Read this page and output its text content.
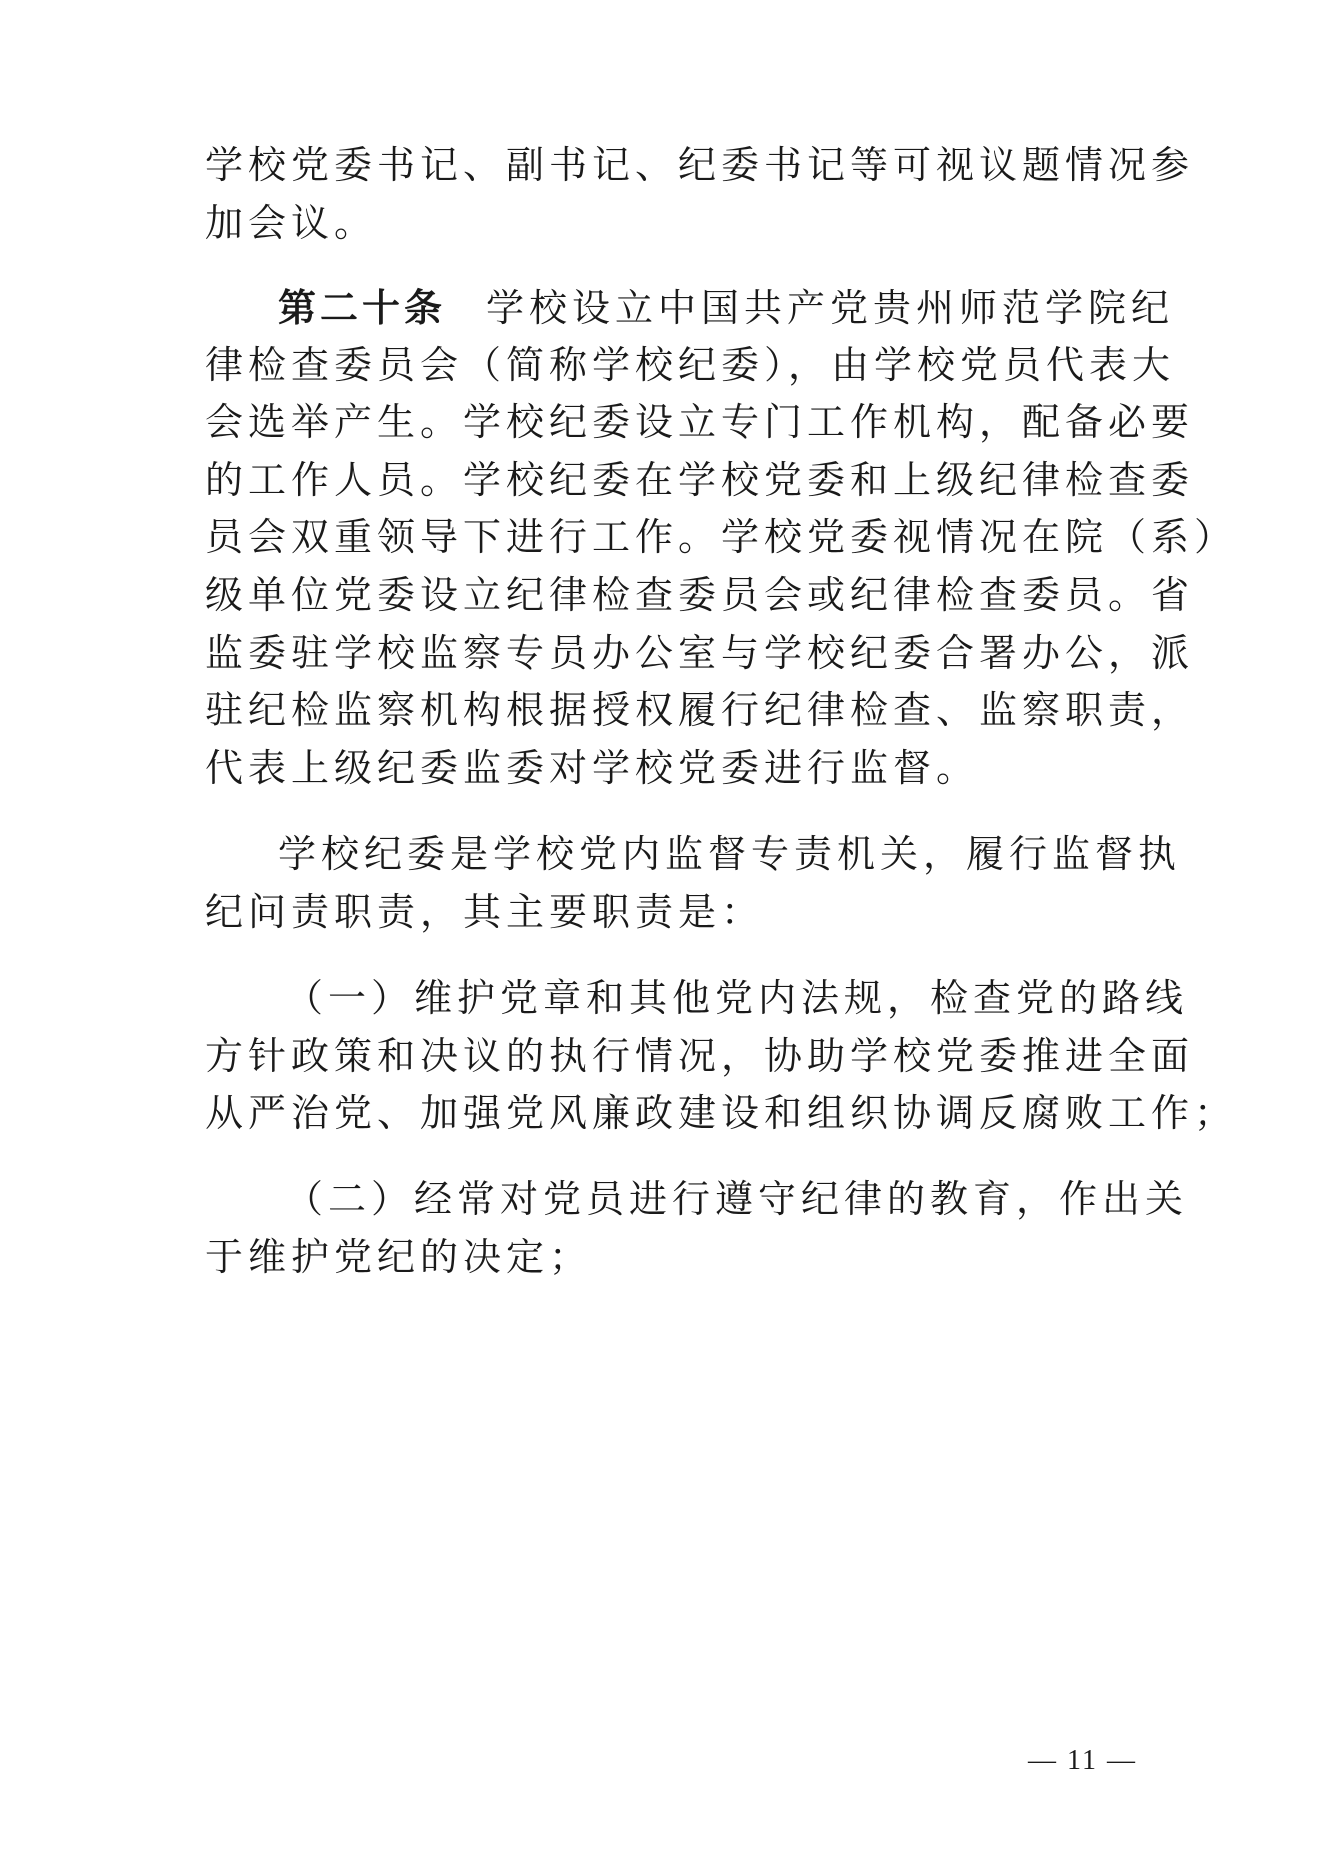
学校党委书记、副书记、纪委书记等可视议题情况参
加会议。
第二十条 学校设立中国共产党贵州师范学院纪
律检查委员会（简称学校纪委），由学校党员代表大
会选举产生。学校纪委设立专门工作机构，配备必要
的工作人员。学校纪委在学校党委和上级纪律检查委
员会双重领导下进行工作。学校党委视情况在院（系）
级单位党委设立纪律检查委员会或纪律检查委员。省
监委驻学校监察专员办公室与学校纪委合署办公，派
驻纪检监察机构根据授权履行纪律检查、监察职责，
代表上级纪委监委对学校党委进行监督。
学校纪委是学校党内监督专责机关，履行监督执
纪问责职责，其主要职责是：
（一）维护党章和其他党内法规，检查党的路线
方针政策和决议的执行情况，协助学校党委推进全面
从严治党、加强党风廉政建设和组织协调反腐败工作；
（二）经常对党员进行遵守纪律的教育，作出关
于维护党纪的决定；
— 11 —
